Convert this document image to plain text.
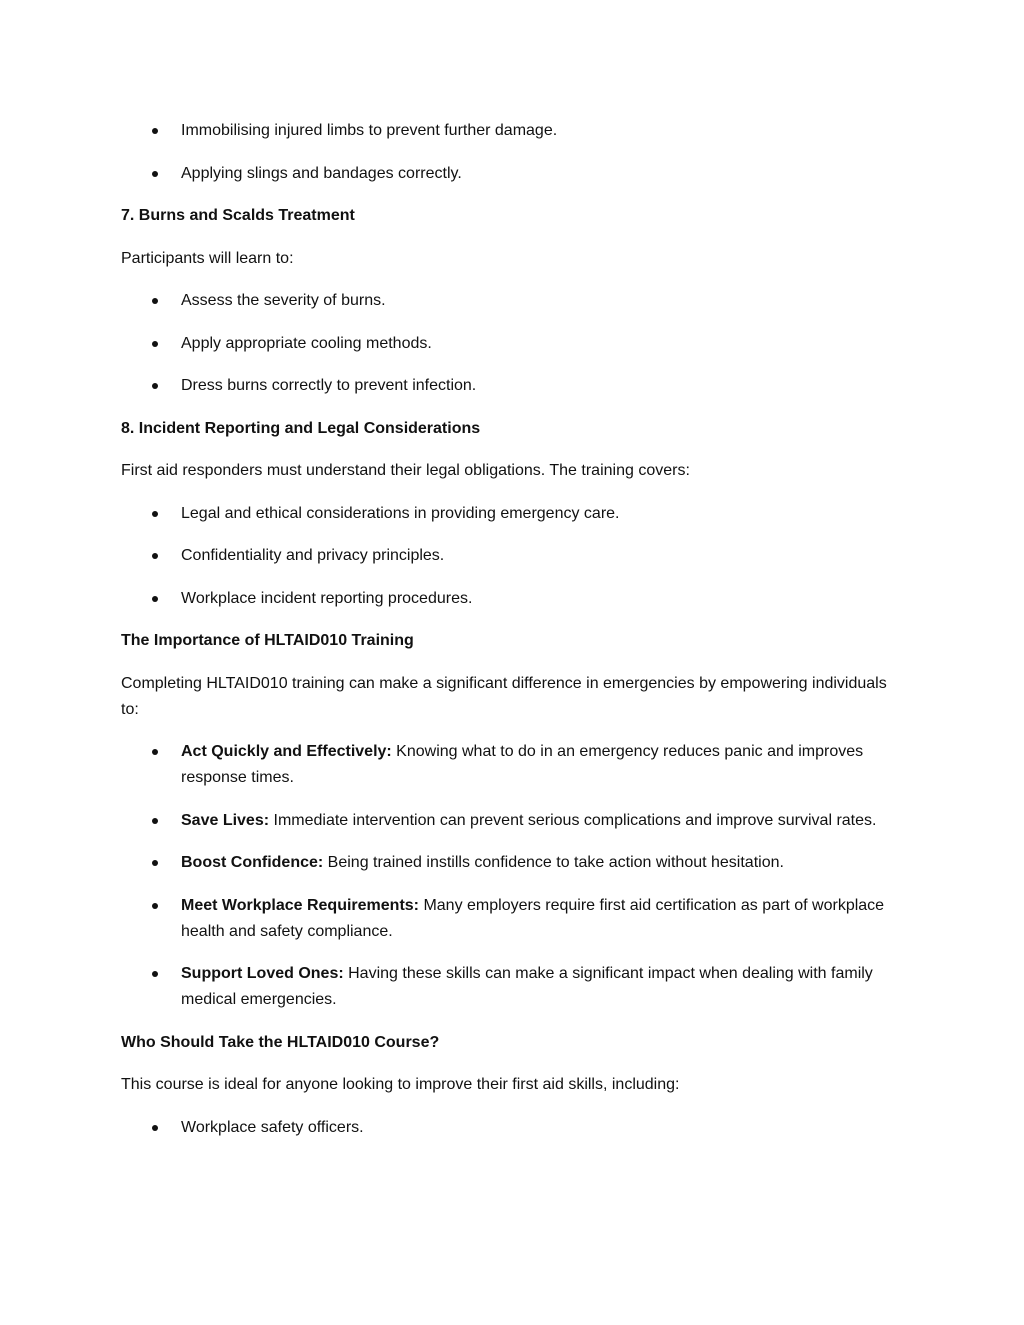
Immobilising injured limbs to prevent further damage.
Applying slings and bandages correctly.
7. Burns and Scalds Treatment

Participants will learn to:

Assess the severity of burns.
Apply appropriate cooling methods.
Dress burns correctly to prevent infection.
8. Incident Reporting and Legal Considerations

First aid responders must understand their legal obligations. The training covers:

Legal and ethical considerations in providing emergency care.
Confidentiality and privacy principles.
Workplace incident reporting procedures.
The Importance of HLTAID010 Training

Completing HLTAID010 training can make a significant difference in emergencies by empowering individuals to:

Act Quickly and Effectively: Knowing what to do in an emergency reduces panic and improves response times.
Save Lives: Immediate intervention can prevent serious complications and improve survival rates.
Boost Confidence: Being trained instills confidence to take action without hesitation.
Meet Workplace Requirements: Many employers require first aid certification as part of workplace health and safety compliance.
Support Loved Ones: Having these skills can make a significant impact when dealing with family medical emergencies.
Who Should Take the HLTAID010 Course?

This course is ideal for anyone looking to improve their first aid skills, including:

Workplace safety officers.
